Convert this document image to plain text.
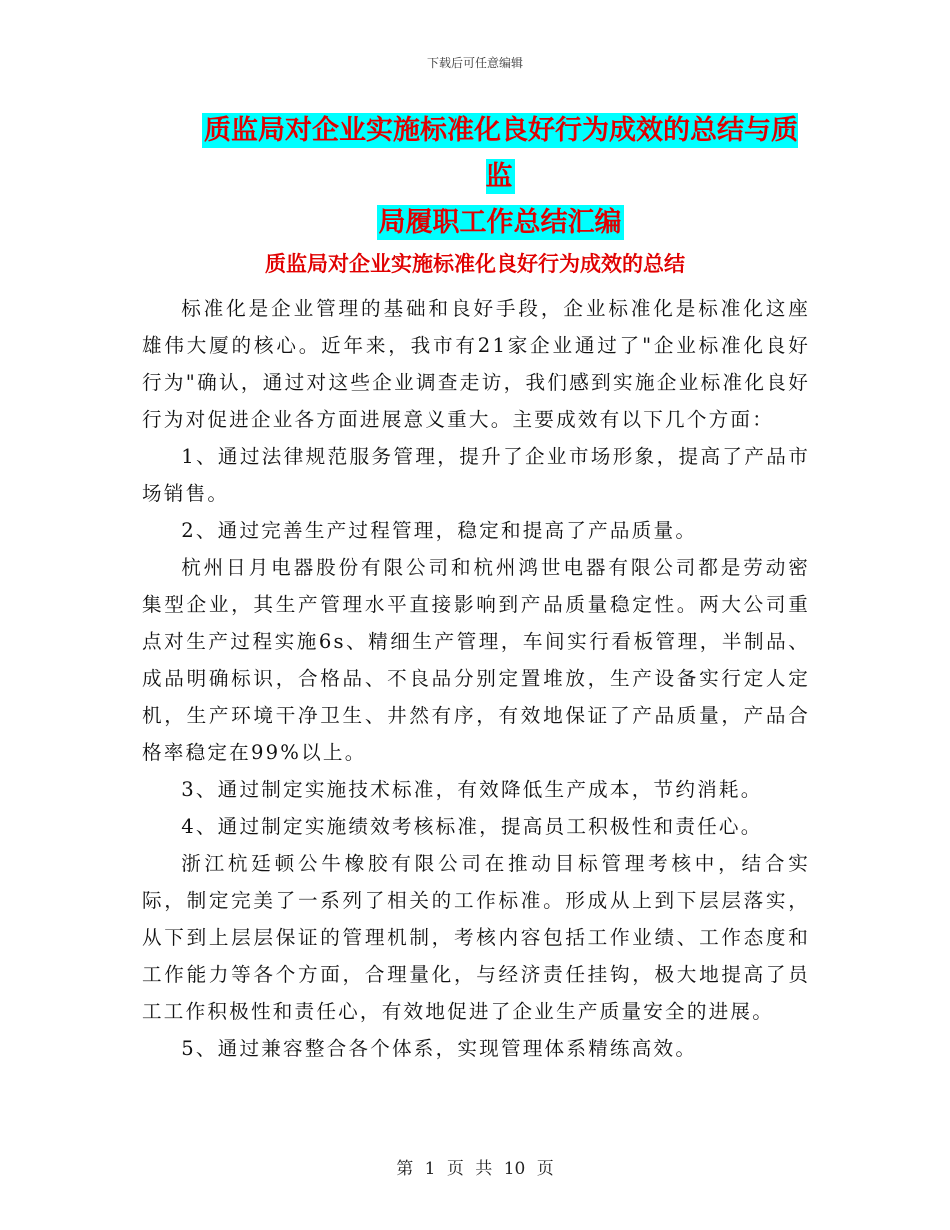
下载后可任意编辑
质监局对企业实施标准化良好行为成效的总结与质监
局履职工作总结汇编
质监局对企业实施标准化良好行为成效的总结

标准化是企业管理的基础和良好手段，企业标准化是标准化这座雄伟大厦的核心。近年来，我市有21家企业通过了"企业标准化良好行为"确认，通过对这些企业调查走访，我们感到实施企业标准化良好行为对促进企业各方面进展意义重大。主要成效有以下几个方面：

1、通过法律规范服务管理，提升了企业市场形象，提高了产品市场销售。

2、通过完善生产过程管理，稳定和提高了产品质量。

杭州日月电器股份有限公司和杭州鸿世电器有限公司都是劳动密集型企业，其生产管理水平直接影响到产品质量稳定性。两大公司重点对生产过程实施6s、精细生产管理，车间实行看板管理，半制品、成品明确标识，合格品、不良品分别定置堆放，生产设备实行定人定机，生产环境干净卫生、井然有序，有效地保证了产品质量，产品合格率稳定在99%以上。

3、通过制定实施技术标准，有效降低生产成本，节约消耗。

4、通过制定实施绩效考核标准，提高员工积极性和责任心。

浙江杭廷顿公牛橡胶有限公司在推动目标管理考核中，结合实际，制定完美了一系列了相关的工作标准。形成从上到下层层落实，从下到上层层保证的管理机制，考核内容包括工作业绩、工作态度和工作能力等各个方面，合理量化，与经济责任挂钩，极大地提高了员工工作积极性和责任心，有效地促进了企业生产质量安全的进展。

5、通过兼容整合各个体系，实现管理体系精练高效。

第 1 页 共 10 页
